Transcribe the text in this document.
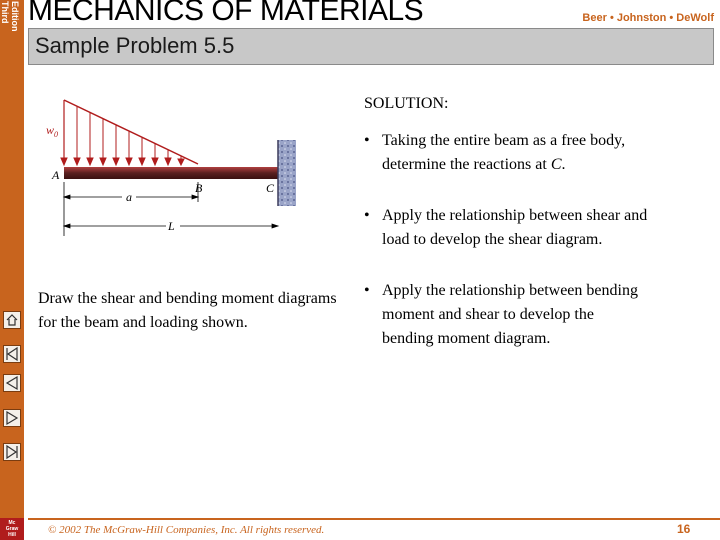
Third Edition
Mc
Graw
Hill
MECHANICS OF MATERIALS	Beer • Johnston • DeWolf
Sample Problem 5.5
$w_0$
A
B	C
a
L
SOLUTION:
• Taking the entire beam as a free body,
determine the reactions at C.
• Apply the relationship between shear and
load to develop the shear diagram.
• Apply the relationship between bending
moment and shear to develop the
bending moment diagram.
Draw the shear and bending moment diagrams for the beam and loading shown.
© 2002 The McGraw-Hill Companies, Inc. All rights reserved.	16
